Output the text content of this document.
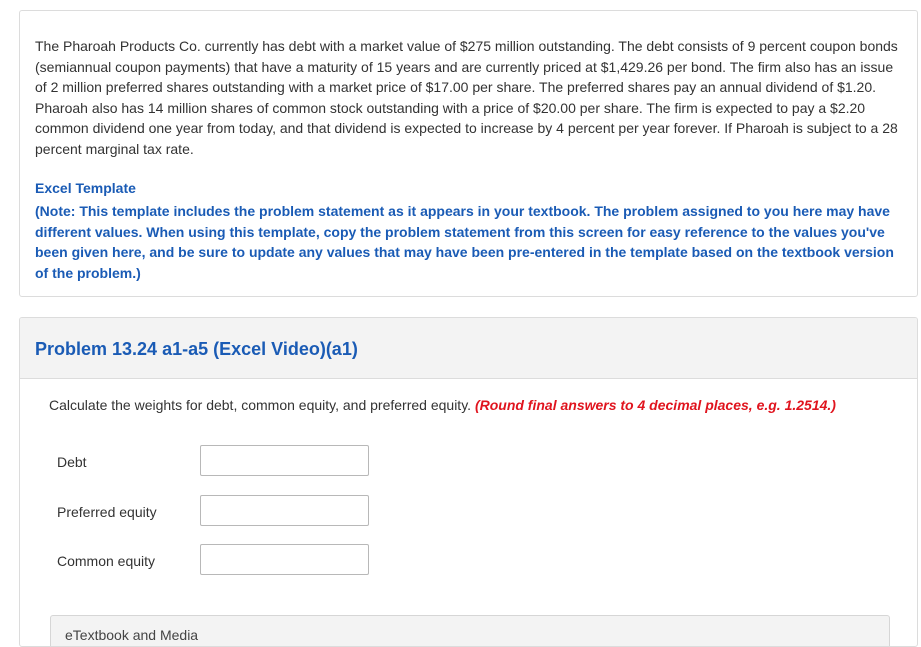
The Pharoah Products Co. currently has debt with a market value of $275 million outstanding. The debt consists of 9 percent coupon bonds (semiannual coupon payments) that have a maturity of 15 years and are currently priced at $1,429.26 per bond. The firm also has an issue of 2 million preferred shares outstanding with a market price of $17.00 per share. The preferred shares pay an annual dividend of $1.20. Pharoah also has 14 million shares of common stock outstanding with a price of $20.00 per share. The firm is expected to pay a $2.20 common dividend one year from today, and that dividend is expected to increase by 4 percent per year forever. If Pharoah is subject to a 28 percent marginal tax rate.

Excel Template

(Note: This template includes the problem statement as it appears in your textbook. The problem assigned to you here may have different values. When using this template, copy the problem statement from this screen for easy reference to the values you've been given here, and be sure to update any values that may have been pre-entered in the template based on the textbook version of the problem.)

Problem 13.24 a1-a5 (Excel Video)(a1)

Calculate the weights for debt, common equity, and preferred equity. (Round final answers to 4 decimal places, e.g. 1.2514.)

Debt
Preferred equity
Common equity
eTextbook and Media
